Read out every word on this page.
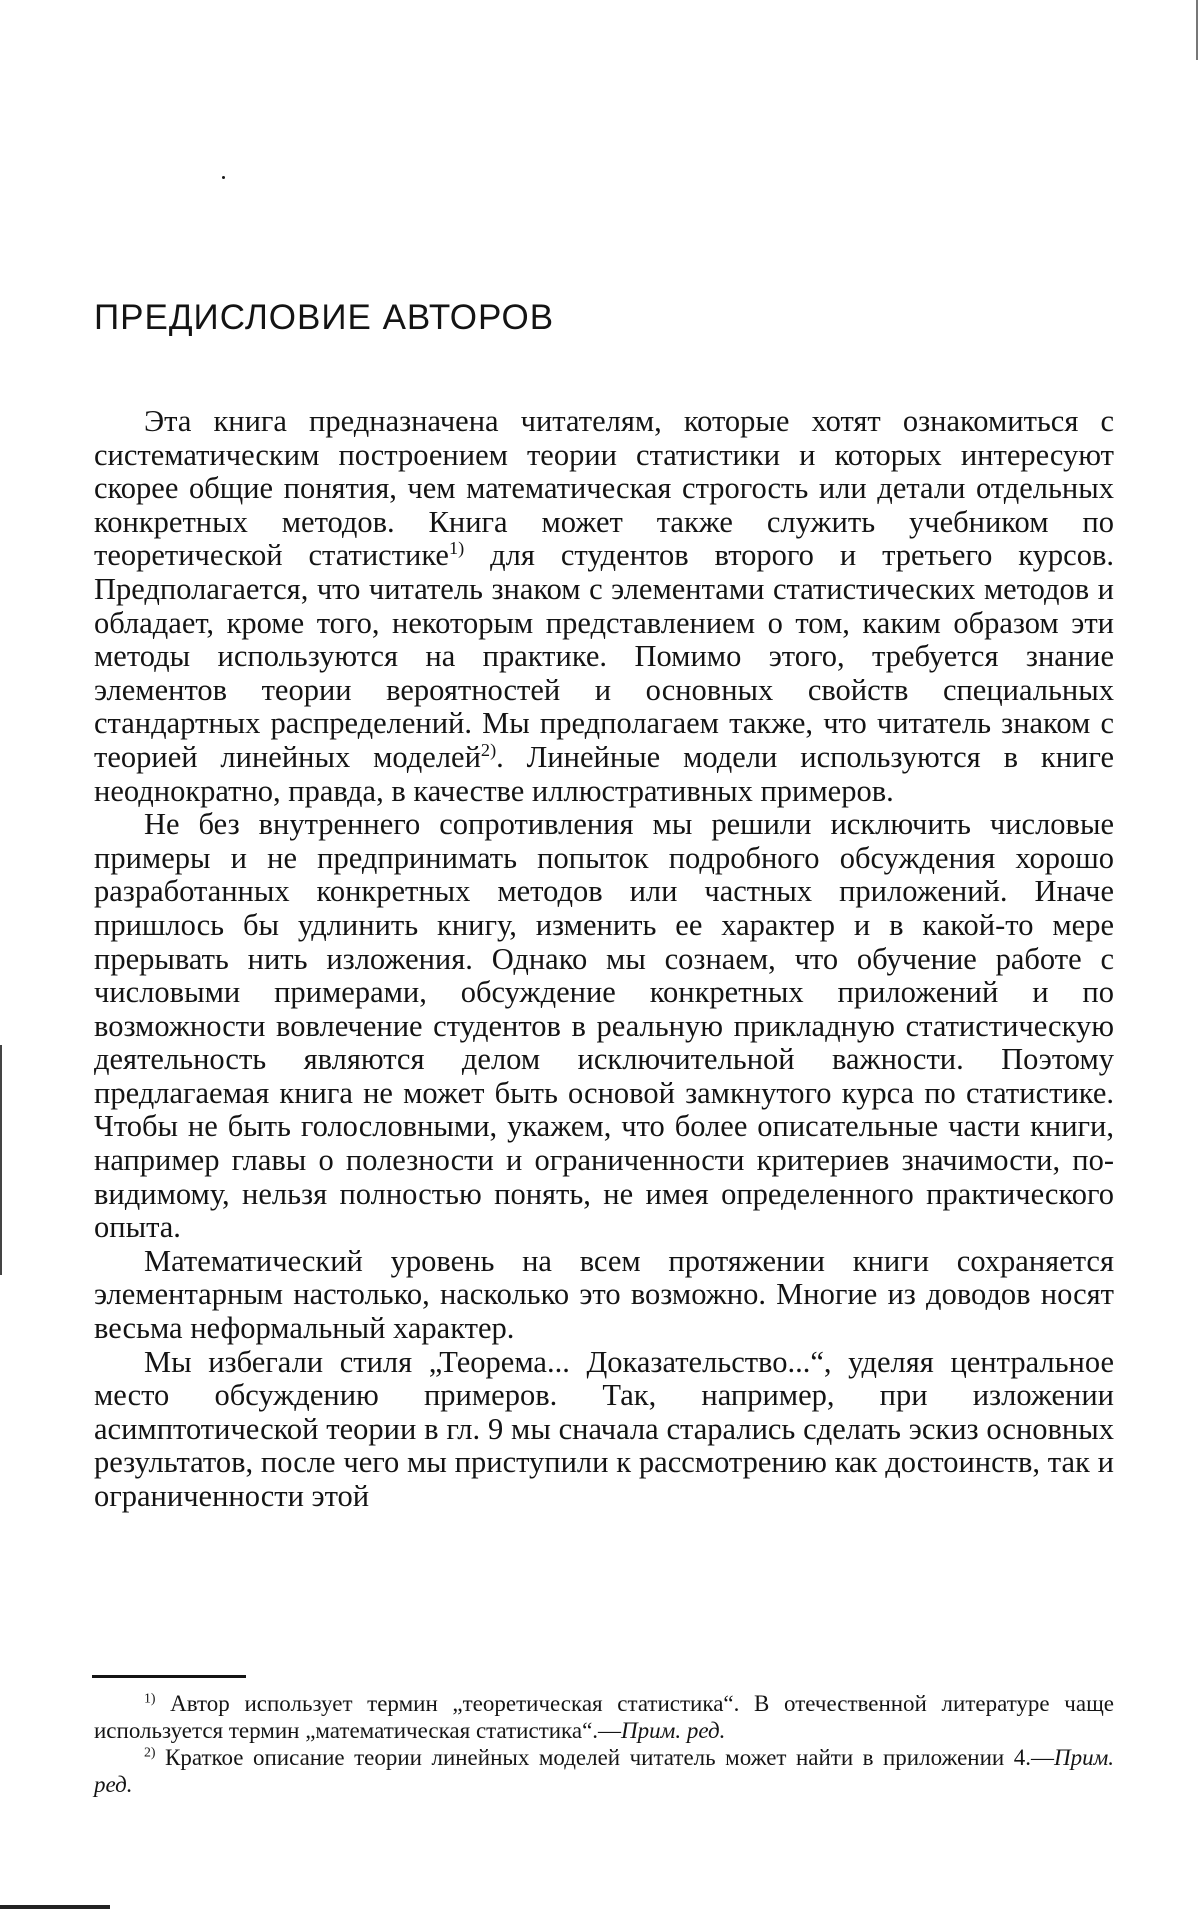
ПРЕДИСЛОВИЕ АВТОРОВ

Эта книга предназначена читателям, которые хотят ознакомиться с систематическим построением теории статистики и которых интересуют скорее общие понятия, чем математическая строгость или детали отдельных конкретных методов. Книга может также служить учебником по теоретической статистике$^{1)}$ для студентов второго и третьего курсов. Предполагается, что читатель знаком с элементами статистических методов и обладает, кроме того, некоторым представлением о том, каким образом эти методы используются на практике. Помимо этого, требуется знание элементов теории вероятностей и основных свойств специальных стандартных распределений. Мы предполагаем также, что читатель знаком с теорией линейных моделей$^{2)}$. Линейные модели используются в книге неоднократно, правда, в качестве иллюстративных примеров.

Не без внутреннего сопротивления мы решили исключить числовые примеры и не предпринимать попыток подробного обсуждения хорошо разработанных конкретных методов или частных приложений. Иначе пришлось бы удлинить книгу, изменить ее характер и в какой-то мере прерывать нить изложения. Однако мы сознаем, что обучение работе с числовыми примерами, обсуждение конкретных приложений и по возможности вовлечение студентов в реальную прикладную статистическую деятельность являются делом исключительной важности. Поэтому предлагаемая книга не может быть основой замкнутого курса по статистике. Чтобы не быть голословными, укажем, что более описательные части книги, например главы о полезности и ограниченности критериев значимости, по-видимому, нельзя полностью понять, не имея определенного практического опыта.

Математический уровень на всем протяжении книги сохраняется элементарным настолько, насколько это возможно. Многие из доводов носят весьма неформальный характер.

Мы избегали стиля „Теорема... Доказательство...“, уделяя центральное место обсуждению примеров. Так, например, при изложении асимптотической теории в гл. 9 мы сначала старались сделать эскиз основных результатов, после чего мы приступили к рассмотрению как достоинств, так и ограниченности этой

$^{1)}$ Автор использует термин „теоретическая статистика“. В отечественной литературе чаще используется термин „математическая статистика“.—Прим. ред.

$^{2)}$ Краткое описание теории линейных моделей читатель может найти в приложении 4.—Прим. ред.
